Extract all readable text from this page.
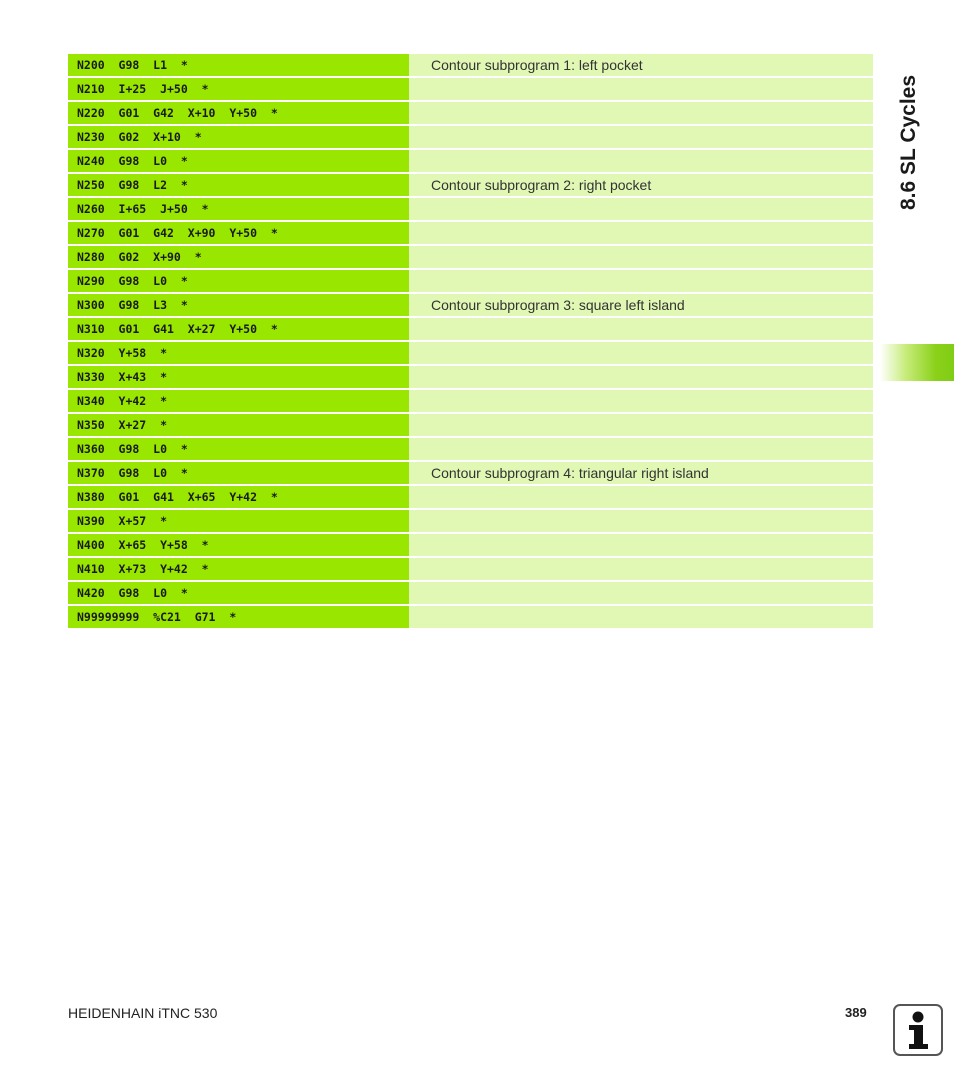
N200  G98  L1  *	Contour subprogram 1: left pocket
N210  I+25  J+50  *
N220  G01  G42  X+10  Y+50  *
N230  G02  X+10  *
N240  G98  L0  *
N250  G98  L2  *	Contour subprogram 2: right pocket
N260  I+65  J+50  *
N270  G01  G42  X+90  Y+50  *
N280  G02  X+90  *
N290  G98  L0  *
N300  G98  L3  *	Contour subprogram 3: square left island
N310  G01  G41  X+27  Y+50  *
N320  Y+58  *
N330  X+43  *
N340  Y+42  *
N350  X+27  *
N360  G98  L0  *
N370  G98  L0  *	Contour subprogram 4: triangular right island
N380  G01  G41  X+65  Y+42  *
N390  X+57  *
N400  X+65  Y+58  *
N410  X+73  Y+42  *
N420  G98  L0  *
N99999999  %C21  G71  *
8.6 SL Cycles
HEIDENHAIN iTNC 530	389
